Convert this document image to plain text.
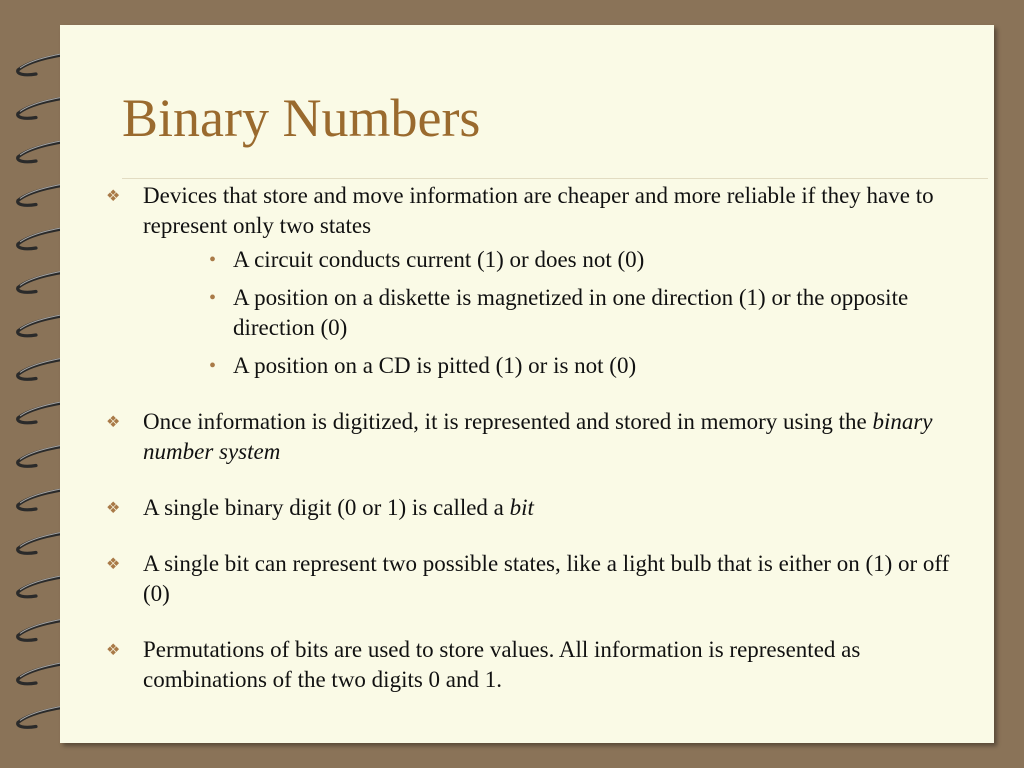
Binary Numbers
❖ Devices that store and move information are cheaper and more reliable if they have to represent only two states
• A circuit conducts current (1) or does not (0)
• A position on a diskette is magnetized in one direction (1) or the opposite direction (0)
• A position on a CD is pitted (1) or is not (0)
❖ Once information is digitized, it is represented and stored in memory using the binary number system
❖ A single binary digit (0 or 1) is called a bit
❖ A single bit can represent two possible states, like a light bulb that is either on (1) or off (0)
❖ Permutations of bits are used to store values. All information is represented as combinations of the two digits 0 and 1.
